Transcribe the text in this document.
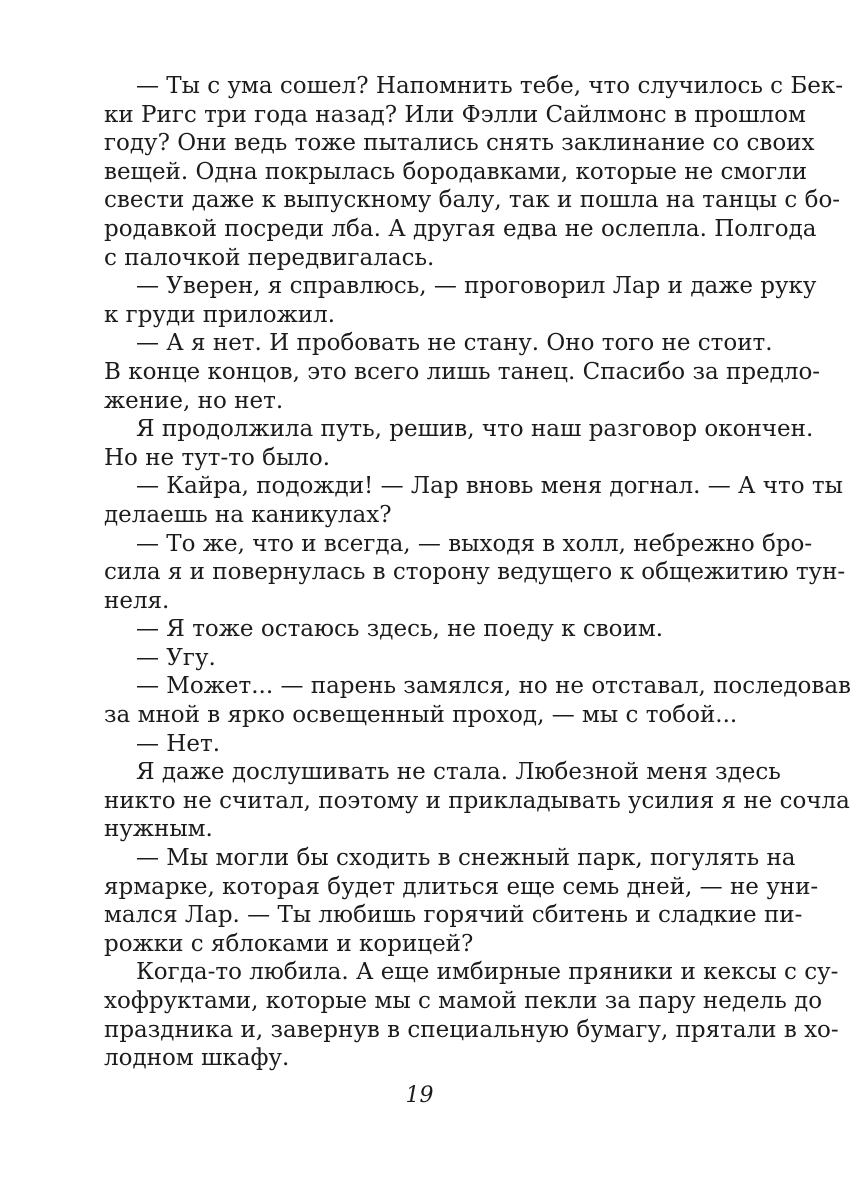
— Ты с ума сошел? Напомнить тебе, что случилось с Бек-
ки Ригс три года назад? Или Фэлли Сайлмонс в прошлом
году? Они ведь тоже пытались снять заклинание со своих
вещей. Одна покрылась бородавками, которые не смогли
свести даже к выпускному балу, так и пошла на танцы с бо-
родавкой посреди лба. А другая едва не ослепла. Полгода
с палочкой передвигалась.
— Уверен, я справлюсь, — проговорил Лар и даже руку
к груди приложил.
— А я нет. И пробовать не стану. Оно того не стоит.
В конце концов, это всего лишь танец. Спасибо за предло-
жение, но нет.
Я продолжила путь, решив, что наш разговор окончен.
Но не тут-то было.
— Кайра, подожди! — Лар вновь меня догнал. — А что ты
делаешь на каникулах?
— То же, что и всегда, — выходя в холл, небрежно бро-
сила я и повернулась в сторону ведущего к общежитию тун-
неля.
— Я тоже остаюсь здесь, не поеду к своим.
— Угу.
— Может... — парень замялся, но не отставал, последовав
за мной в ярко освещенный проход, — мы с тобой...
— Нет.
Я даже дослушивать не стала. Любезной меня здесь
никто не считал, поэтому и прикладывать усилия я не сочла
нужным.
— Мы могли бы сходить в снежный парк, погулять на
ярмарке, которая будет длиться еще семь дней, — не уни-
мался Лар. — Ты любишь горячий сбитень и сладкие пи-
рожки с яблоками и корицей?
Когда-то любила. А еще имбирные пряники и кексы с су-
хофруктами, которые мы с мамой пекли за пару недель до
праздника и, завернув в специальную бумагу, прятали в хо-
лодном шкафу.
19
